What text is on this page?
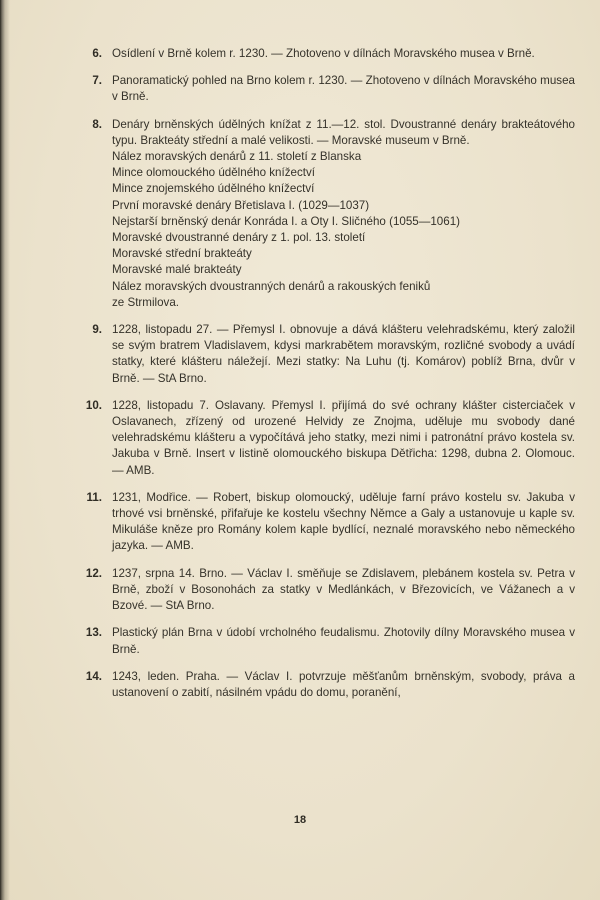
6. Osídlení v Brně kolem r. 1230. — Zhotoveno v dílnách Moravského musea v Brně.

7. Panoramatický pohled na Brno kolem r. 1230. — Zhotoveno v dílnách Moravského musea v Brně.

8. Denáry brněnských údělných knížat z 11.—12. stol. Dvoustranné denáry brakteátového typu. Brakteáty střední a malé velikosti. — Moravské museum v Brně.

Nález moravských denárů z 11. století z Blanska
Mince olomouckého údělného knížectví
Mince znojemského údělného knížectví
První moravské denáry Břetislava I. (1029—1037)
Nejstarší brněnský denár Konráda I. a Oty I. Sličného (1055—1061)
Moravské dvoustranné denáry z 1. pol. 13. století
Moravské střední brakteáty
Moravské malé brakteáty
Nález moravských dvoustranných denárů a rakouských feniků
ze Strmilova.
9. 1228, listopadu 27. — Přemysl I. obnovuje a dává klášteru velehradskému, který založil se svým bratrem Vladislavem, kdysi markrabětem moravským, rozličné svobody a uvádí statky, které klášteru náležejí. Mezi statky: Na Luhu (tj. Komárov) poblíž Brna, dvůr v Brně. — StA Brno.

10. 1228, listopadu 7. Oslavany. Přemysl I. přijímá do své ochrany klášter cisterciaček v Oslavanech, zřízený od urozené Helvidy ze Znojma, uděluje mu svobody dané velehradskému klášteru a vypočítává jeho statky, mezi nimi i patronátní právo kostela sv. Jakuba v Brně. Insert v listině olomouckého biskupa Dětřicha: 1298, dubna 2. Olomouc. — AMB.

11. 1231, Modřice. — Robert, biskup olomoucký, uděluje farní právo kostelu sv. Jakuba v trhové vsi brněnské, přifařuje ke kostelu všechny Němce a Galy a ustanovuje u kaple sv. Mikuláše kněze pro Romány kolem kaple bydlící, neznalé moravského nebo německého jazyka. — AMB.

12. 1237, srpna 14. Brno. — Václav I. směňuje se Zdislavem, plebánem kostela sv. Petra v Brně, zboží v Bosonohách za statky v Medlánkách, v Březovicích, ve Vážanech a v Bzové. — StA Brno.

13. Plastický plán Brna v údobí vrcholného feudalismu. Zhotovily dílny Moravského musea v Brně.

14. 1243, leden. Praha. — Václav I. potvrzuje měšťanům brněnským, svobody, práva a ustanovení o zabití, násilném vpádu do domu, poranění,

18
